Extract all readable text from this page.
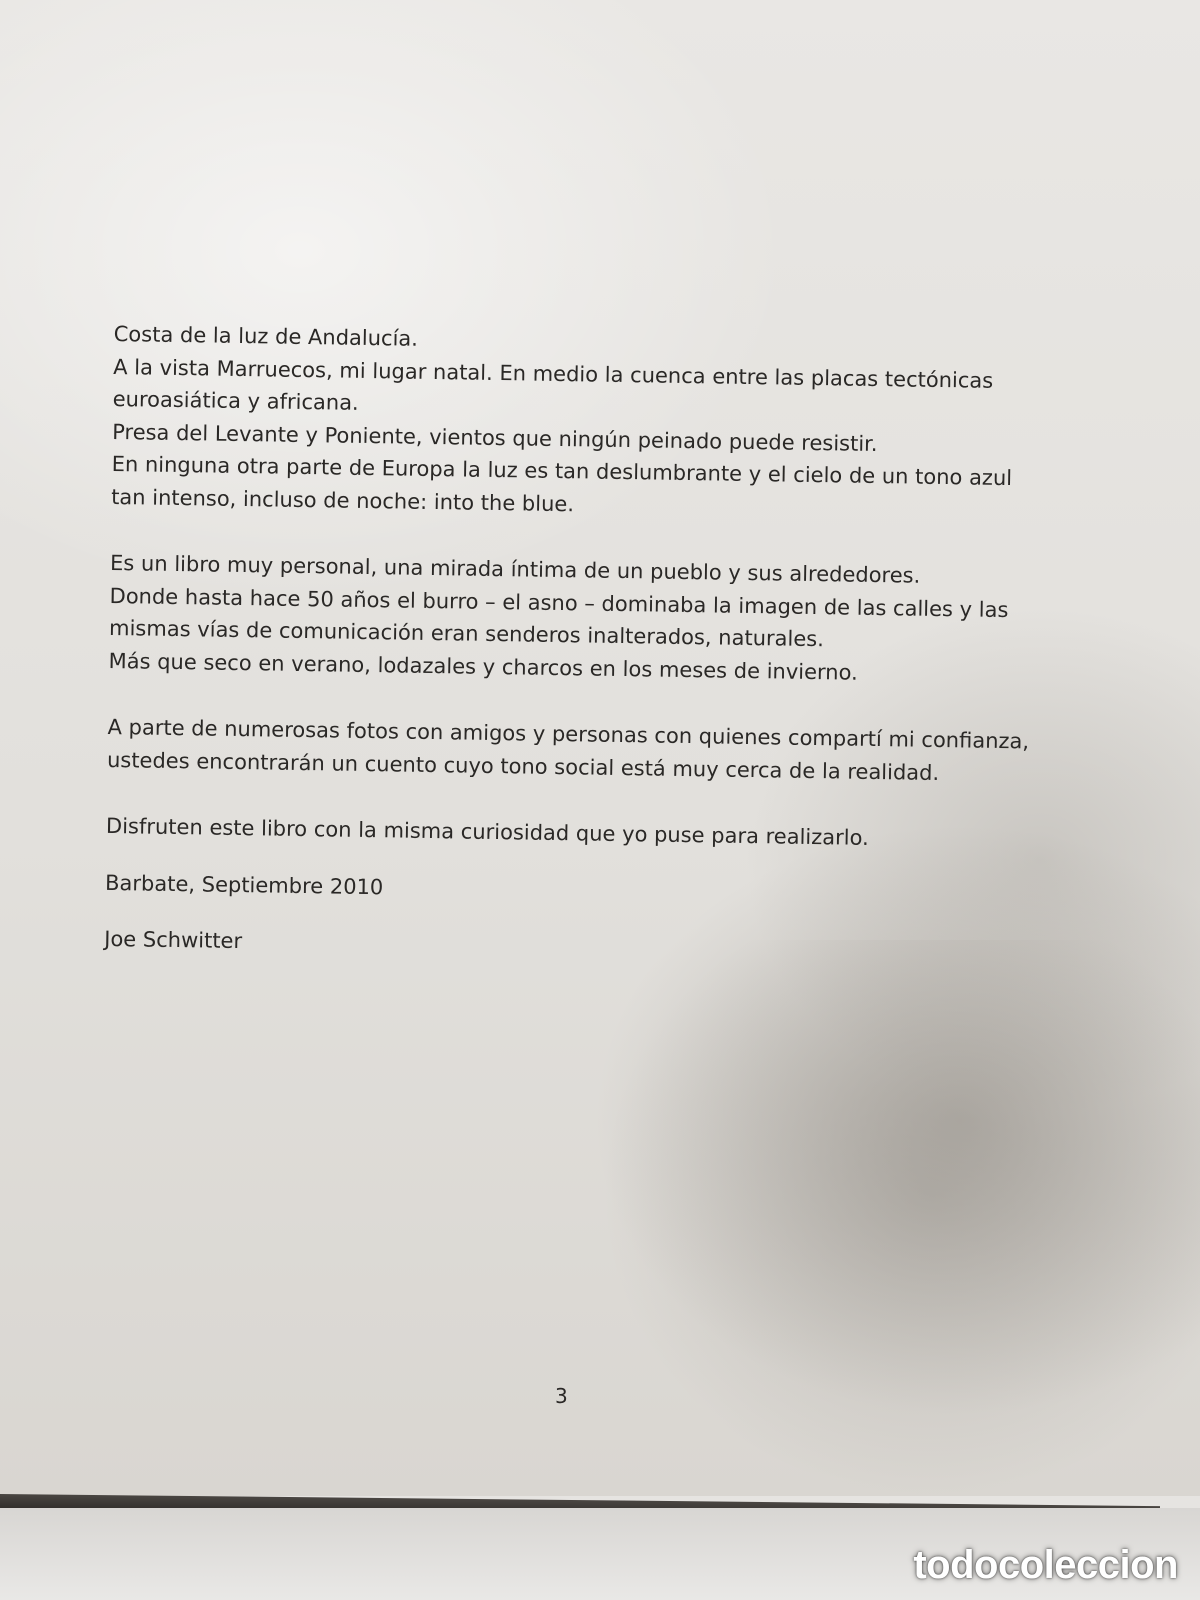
Costa de la luz de Andalucía.
A la vista Marruecos, mi lugar natal. En medio la cuenca entre las placas tectónicas
euroasiática y africana.
Presa del Levante y Poniente, vientos que ningún peinado puede resistir.
En ninguna otra parte de Europa la luz es tan deslumbrante y el cielo de un tono azul
tan intenso, incluso de noche: into the blue.
Es un libro muy personal, una mirada íntima de un pueblo y sus alrededores.
Donde hasta hace 50 años el burro – el asno – dominaba la imagen de las calles y las
mismas vías de comunicación eran senderos inalterados, naturales.
Más que seco en verano, lodazales y charcos en los meses de invierno.
A parte de numerosas fotos con amigos y personas con quienes compartí mi confianza,
ustedes encontrarán un cuento cuyo tono social está muy cerca de la realidad.
Disfruten este libro con la misma curiosidad que yo puse para realizarlo.
Barbate, Septiembre 2010
Joe Schwitter
3
todocoleccion
